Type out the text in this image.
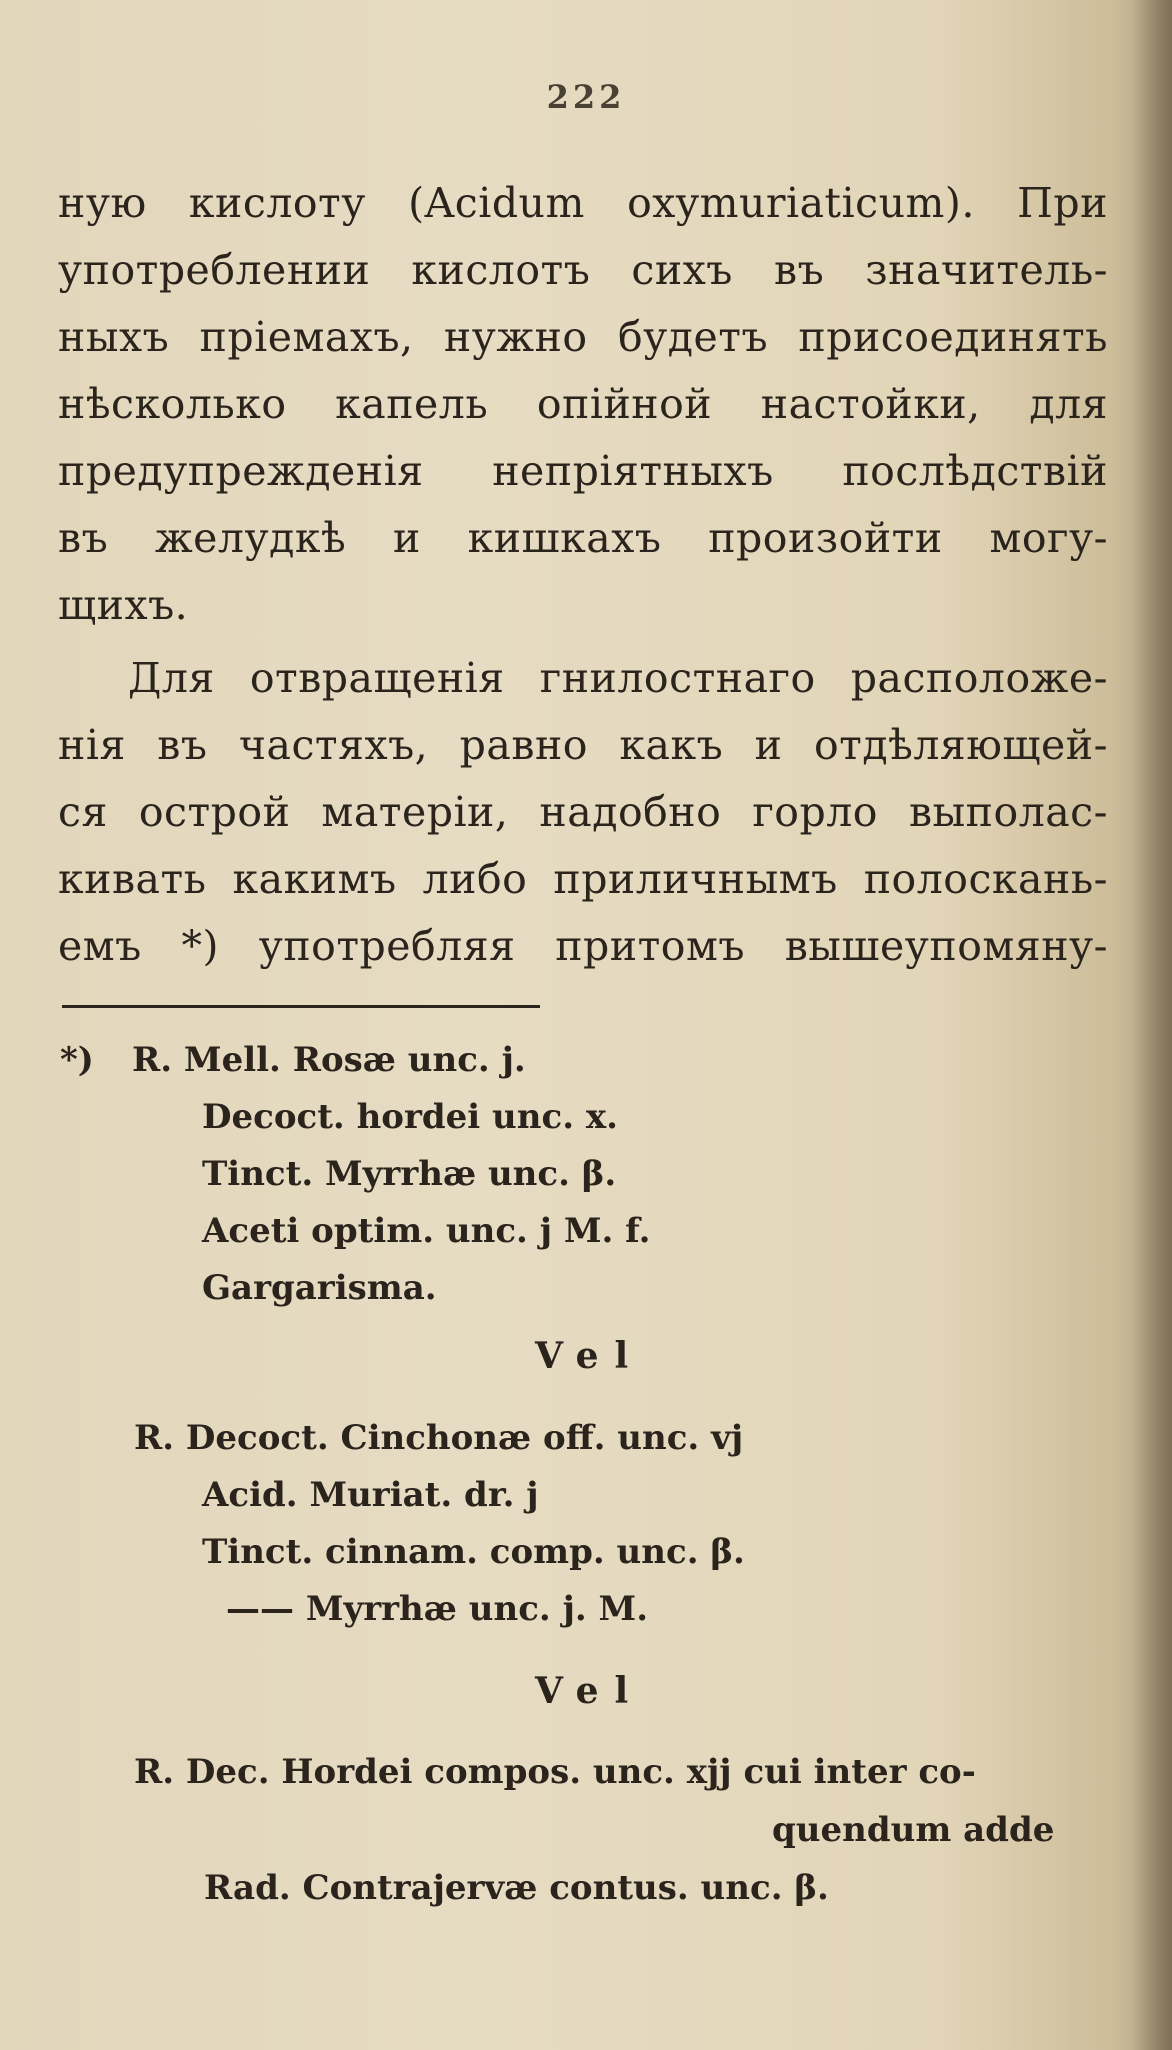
222
ную кислоту (Acidum oxymuriaticum). При
употреблении кислотъ сихъ въ значитель-
ныхъ пріемахъ, нужно будетъ присоединять
нѣсколько капель опiйной настойки, для
предупрежденія непріятныхъ послѣдствiй
въ желудкѣ и кишкахъ произойти могу-
щихъ.
Для отвращенія гнилостнаго расположе-
нія въ частяхъ, равно какъ и отдѣляющей-
ся острой матеріи, надобно горло выполас-
кивать какимъ либо приличнымъ полоскань-
емъ *) употребляя притомъ вышеупомяну-
*) R. Mell. Rosæ unc. j.
Decoct. hordei unc. x.
Tinct. Myrrhæ unc. β.
Aceti optim. unc. j M. f.
Gargarisma.
Vel
R. Decoct. Cinchonæ off. unc. vj
Acid. Muriat. dr. j
Tinct. cinnam. comp. unc. β.
—— Myrrhæ unc. j. M.
Vel
R. Dec. Hordei compos. unc. xjj cui inter co-
quendum adde
Rad. Contrajervæ contus. unc. β.
